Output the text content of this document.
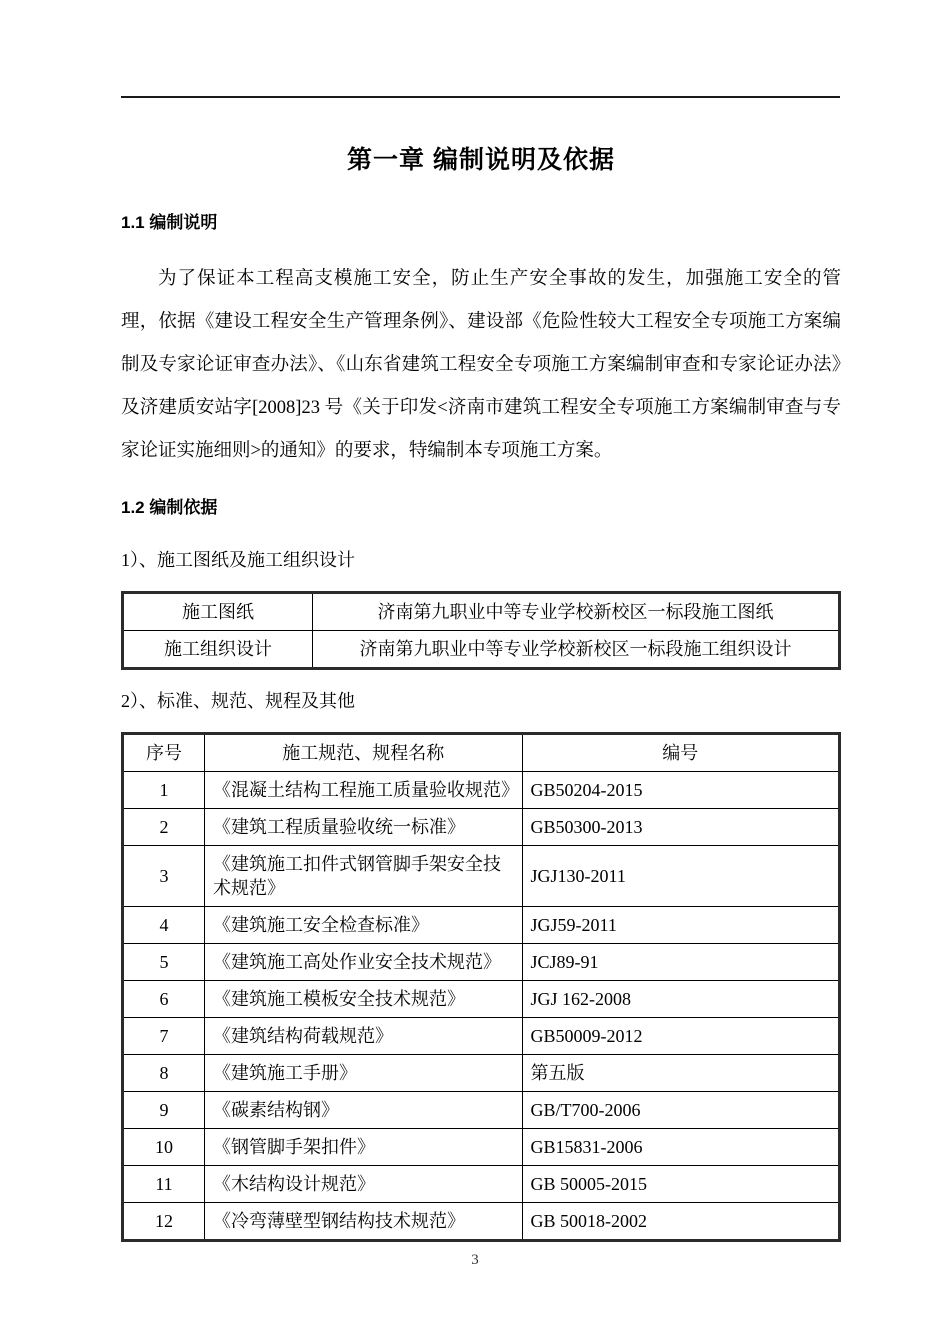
第一章 编制说明及依据
1.1 编制说明

为了保证本工程高支模施工安全，防止生产安全事故的发生，加强施工安全的管理，依据《建设工程安全生产管理条例》、建设部《危险性较大工程安全专项施工方案编制及专家论证审查办法》、《山东省建筑工程安全专项施工方案编制审查和专家论证办法》及济建质安站字[2008]23 号《关于印发<济南市建筑工程安全专项施工方案编制审查与专家论证实施细则>的通知》的要求，特编制本专项施工方案。

1.2 编制依据

1）、施工图纸及施工组织设计

施工图纸	济南第九职业中等专业学校新校区一标段施工图纸
施工组织设计	济南第九职业中等专业学校新校区一标段施工组织设计

2）、标准、规范、规程及其他

序号	施工规范、规程名称	编号
1	《混凝土结构工程施工质量验收规范》	GB50204-2015
2	《建筑工程质量验收统一标准》	GB50300-2013
3	《建筑施工扣件式钢管脚手架安全技术规范》	JGJ130-2011
4	《建筑施工安全检查标准》	JGJ59-2011
5	《建筑施工高处作业安全技术规范》	JCJ89-91
6	《建筑施工模板安全技术规范》	JGJ 162-2008
7	《建筑结构荷载规范》	GB50009-2012
8	《建筑施工手册》	第五版
9	《碳素结构钢》	GB/T700-2006
10	《钢管脚手架扣件》	GB15831-2006
11	《木结构设计规范》	GB 50005-2015
12	《冷弯薄壁型钢结构技术规范》	GB 50018-2002
3
